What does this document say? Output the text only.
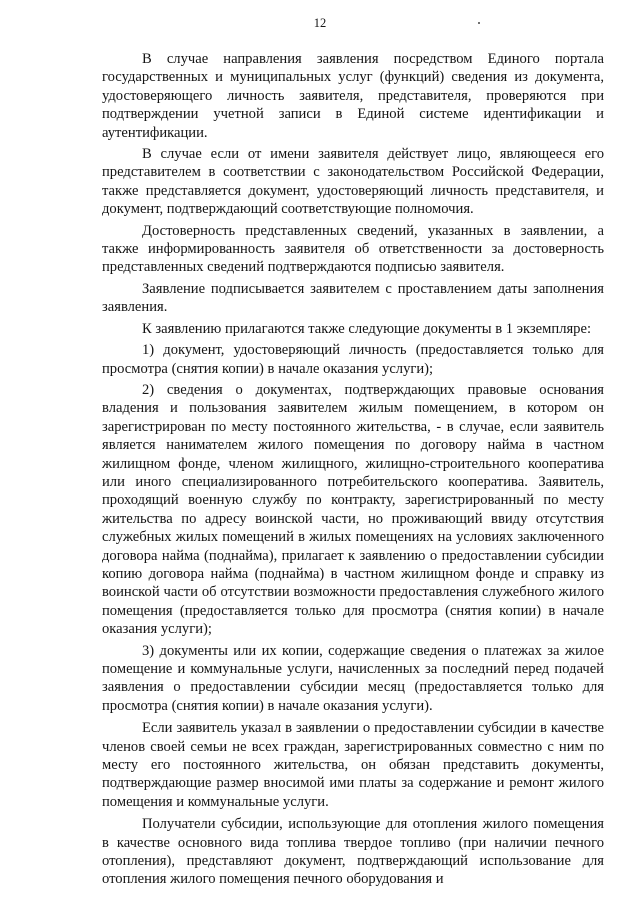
12

В случае направления заявления посредством Единого портала государственных и муниципальных услуг (функций) сведения из документа, удостоверяющего личность заявителя, представителя, проверяются при подтверждении учетной записи в Единой системе идентификации и аутентификации.

В случае если от имени заявителя действует лицо, являющееся его представителем в соответствии с законодательством Российской Федерации, также представляется документ, удостоверяющий личность представителя, и документ, подтверждающий соответствующие полномочия.

Достоверность представленных сведений, указанных в заявлении, а также информированность заявителя об ответственности за достоверность представленных сведений подтверждаются подписью заявителя.

Заявление подписывается заявителем с проставлением даты заполнения заявления.

К заявлению прилагаются также следующие документы в 1 экземпляре:

1) документ, удостоверяющий личность (предоставляется только для просмотра (снятия копии) в начале оказания услуги);

2) сведения о документах, подтверждающих правовые основания владения и пользования заявителем жилым помещением, в котором он зарегистрирован по месту постоянного жительства, - в случае, если заявитель является нанимателем жилого помещения по договору найма в частном жилищном фонде, членом жилищного, жилищно-строительного кооператива или иного специализированного потребительского кооператива. Заявитель, проходящий военную службу по контракту, зарегистрированный по месту жительства по адресу воинской части, но проживающий ввиду отсутствия служебных жилых помещений в жилых помещениях на условиях заключенного договора найма (поднайма), прилагает к заявлению о предоставлении субсидии копию договора найма (поднайма) в частном жилищном фонде и справку из воинской части об отсутствии возможности предоставления служебного жилого помещения (предоставляется только для просмотра (снятия копии) в начале оказания услуги);

3) документы или их копии, содержащие сведения о платежах за жилое помещение и коммунальные услуги, начисленных за последний перед подачей заявления о предоставлении субсидии месяц (предоставляется только для просмотра (снятия копии) в начале оказания услуги).

Если заявитель указал в заявлении о предоставлении субсидии в качестве членов своей семьи не всех граждан, зарегистрированных совместно с ним по месту его постоянного жительства, он обязан представить документы, подтверждающие размер вносимой ими платы за содержание и ремонт жилого помещения и коммунальные услуги.

Получатели субсидии, использующие для отопления жилого помещения в качестве основного вида топлива твердое топливо (при наличии печного отопления), представляют документ, подтверждающий использование для отопления жилого помещения печного оборудования и
